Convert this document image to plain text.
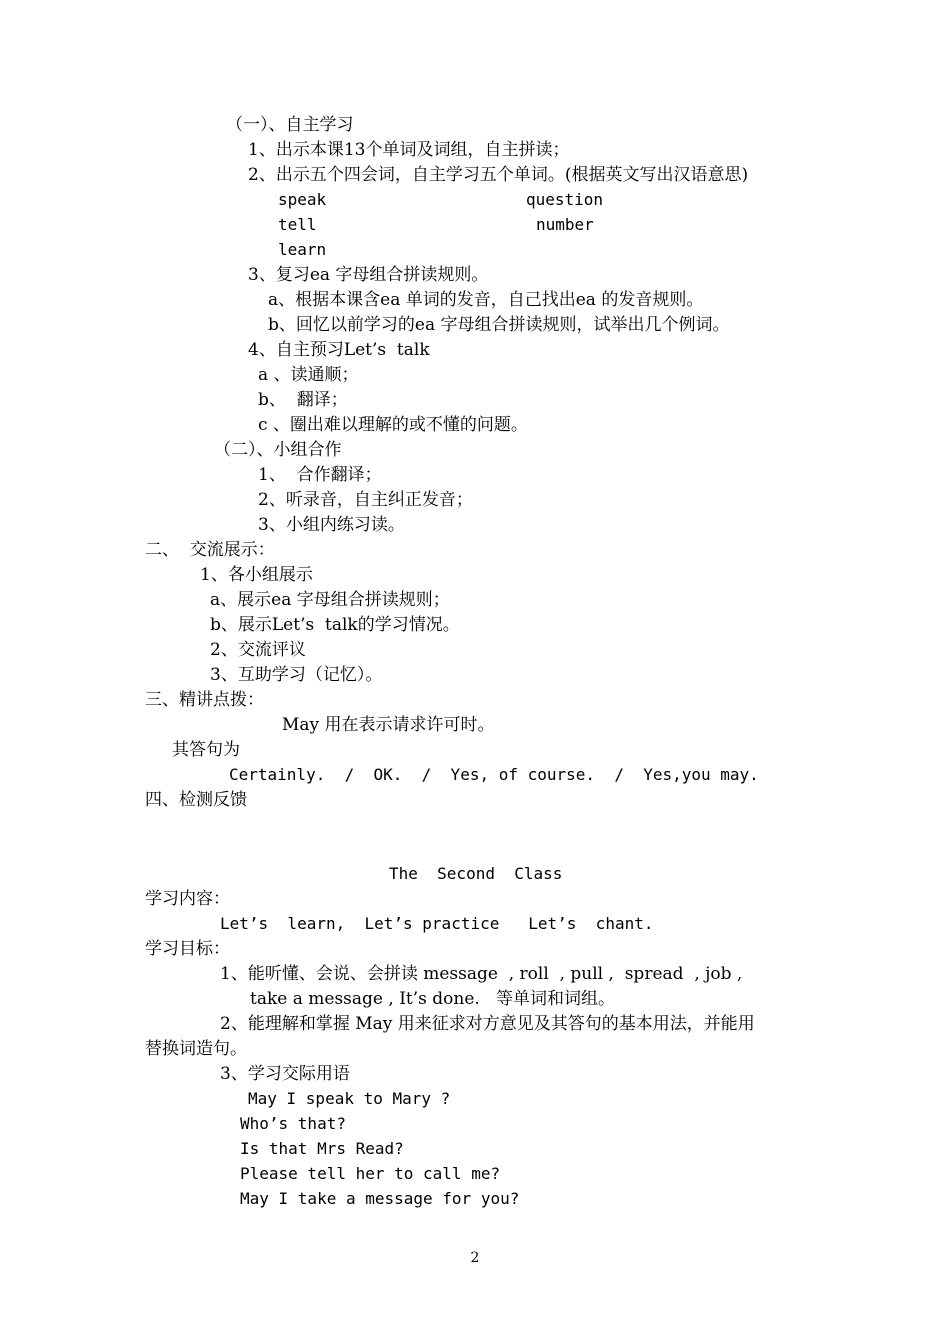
（一）、自主学习
1、出示本课13个单词及词组，自主拼读；
2、出示五个四会词，自主学习五个单词。(根据英文写出汉语意思)
speak	question
tell	number
learn
3、复习ea 字母组合拼读规则。
a、根据本课含ea 单词的发音，自己找出ea 的发音规则。
b、回忆以前学习的ea 字母组合拼读规则，试举出几个例词。
4、自主预习Let’s  talk
a 、读通顺；
b、  翻译；
c 、圈出难以理解的或不懂的问题。
（二）、小组合作
1、  合作翻译；
2、听录音，自主纠正发音；
3、小组内练习读。
二、  交流展示：
1、各小组展示
a、展示ea 字母组合拼读规则；
b、展示Let’s  talk的学习情况。
2、交流评议
3、互助学习（记忆）。
三、精讲点拨：
May 用在表示请求许可时。
其答句为
Certainly.  /  OK.  /  Yes, of course.  /  Yes,you may.
四、检测反馈
The  Second  Class
学习内容：
Let’s  learn,  Let’s practice   Let’s  chant.
学习目标：
1、能听懂、会说、会拼读 message  , roll  , pull ,  spread  , job ,
take a message , It’s done.   等单词和词组。
2、能理解和掌握 May 用来征求对方意见及其答句的基本用法，并能用
替换词造句。
3、学习交际用语
May I speak to Mary ?
Who’s that?
Is that Mrs Read?
Please tell her to call me?
May I take a message for you?
2
